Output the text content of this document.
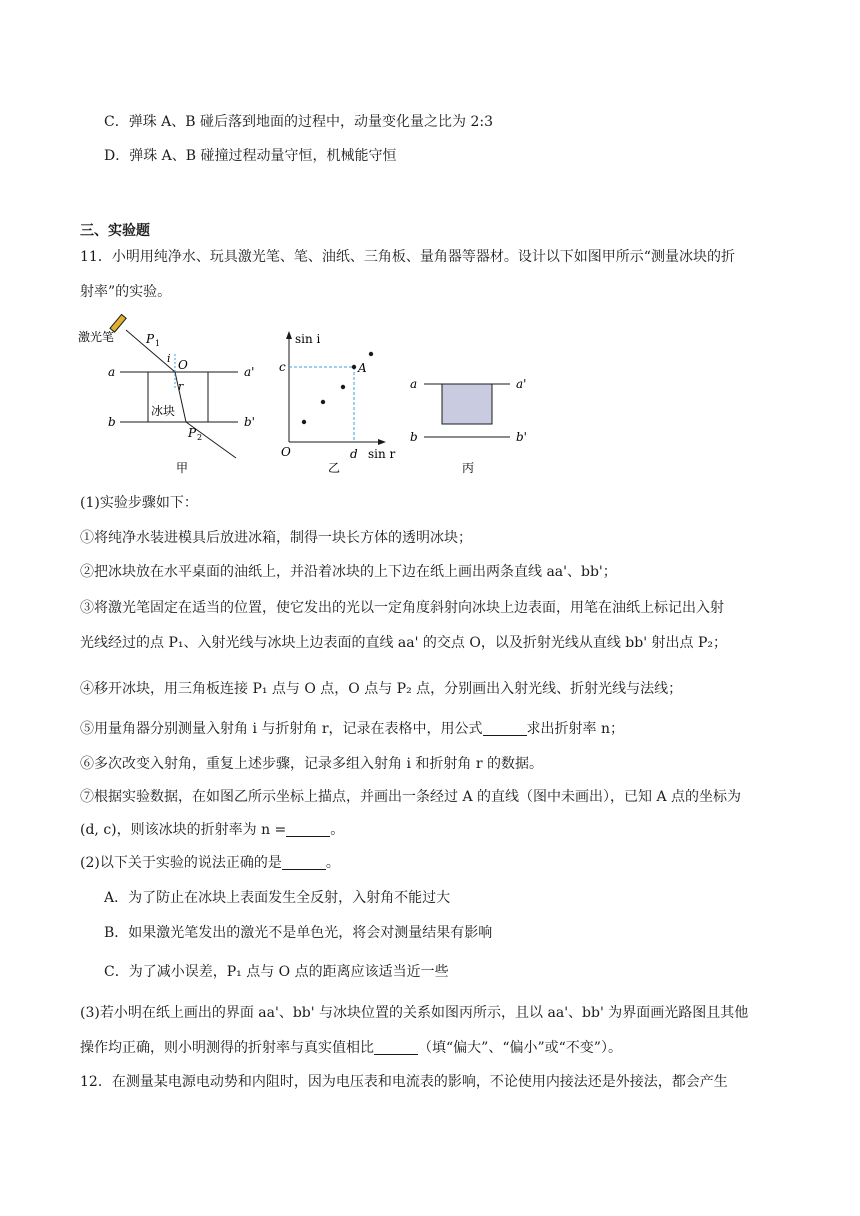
C．弹珠 A、B 碰后落到地面的过程中，动量变化量之比为 2:3
D．弹珠 A、B 碰撞过程动量守恒，机械能守恒
三、实验题
11．小明用纯净水、玩具激光笔、笔、油纸、三角板、量角器等器材。设计以下如图甲所示“测量冰块的折
射率”的实验。
激光笔
a	a'
b	b'
冰块
P 1
O
i
r
P 2
甲
sin i
sin r
O
c
d
A
乙
a	a'
b	b'
丙
(1)实验步骤如下：
①将纯净水装进模具后放进冰箱，制得一块长方体的透明冰块；
②把冰块放在水平桌面的油纸上，并沿着冰块的上下边在纸上画出两条直线 aa'、bb'；
③将激光笔固定在适当的位置，使它发出的光以一定角度斜射向冰块上边表面，用笔在油纸上标记出入射
光线经过的点 P₁、入射光线与冰块上边表面的直线 aa' 的交点 O，以及折射光线从直线 bb' 射出点 P₂；
④移开冰块，用三角板连接 P₁ 点与 O 点，O 点与 P₂ 点，分别画出入射光线、折射光线与法线；
⑤用量角器分别测量入射角 i 与折射角 r，记录在表格中，用公式	求出折射率 n；
⑥多次改变入射角，重复上述步骤，记录多组入射角 i 和折射角 r 的数据。
⑦根据实验数据，在如图乙所示坐标上描点，并画出一条经过 A 的直线（图中未画出），已知 A 点的坐标为
(d, c)，则该冰块的折射率为 n =	。
(2)以下关于实验的说法正确的是	。
A．为了防止在冰块上表面发生全反射，入射角不能过大
B．如果激光笔发出的激光不是单色光，将会对测量结果有影响
C．为了减小误差，P₁ 点与 O 点的距离应该适当近一些
(3)若小明在纸上画出的界面 aa'、bb' 与冰块位置的关系如图丙所示，且以 aa'、bb' 为界面画光路图且其他
操作均正确，则小明测得的折射率与真实值相比	（填“偏大”、“偏小”或“不变”）。
12．在测量某电源电动势和内阻时，因为电压表和电流表的影响，不论使用内接法还是外接法，都会产生
